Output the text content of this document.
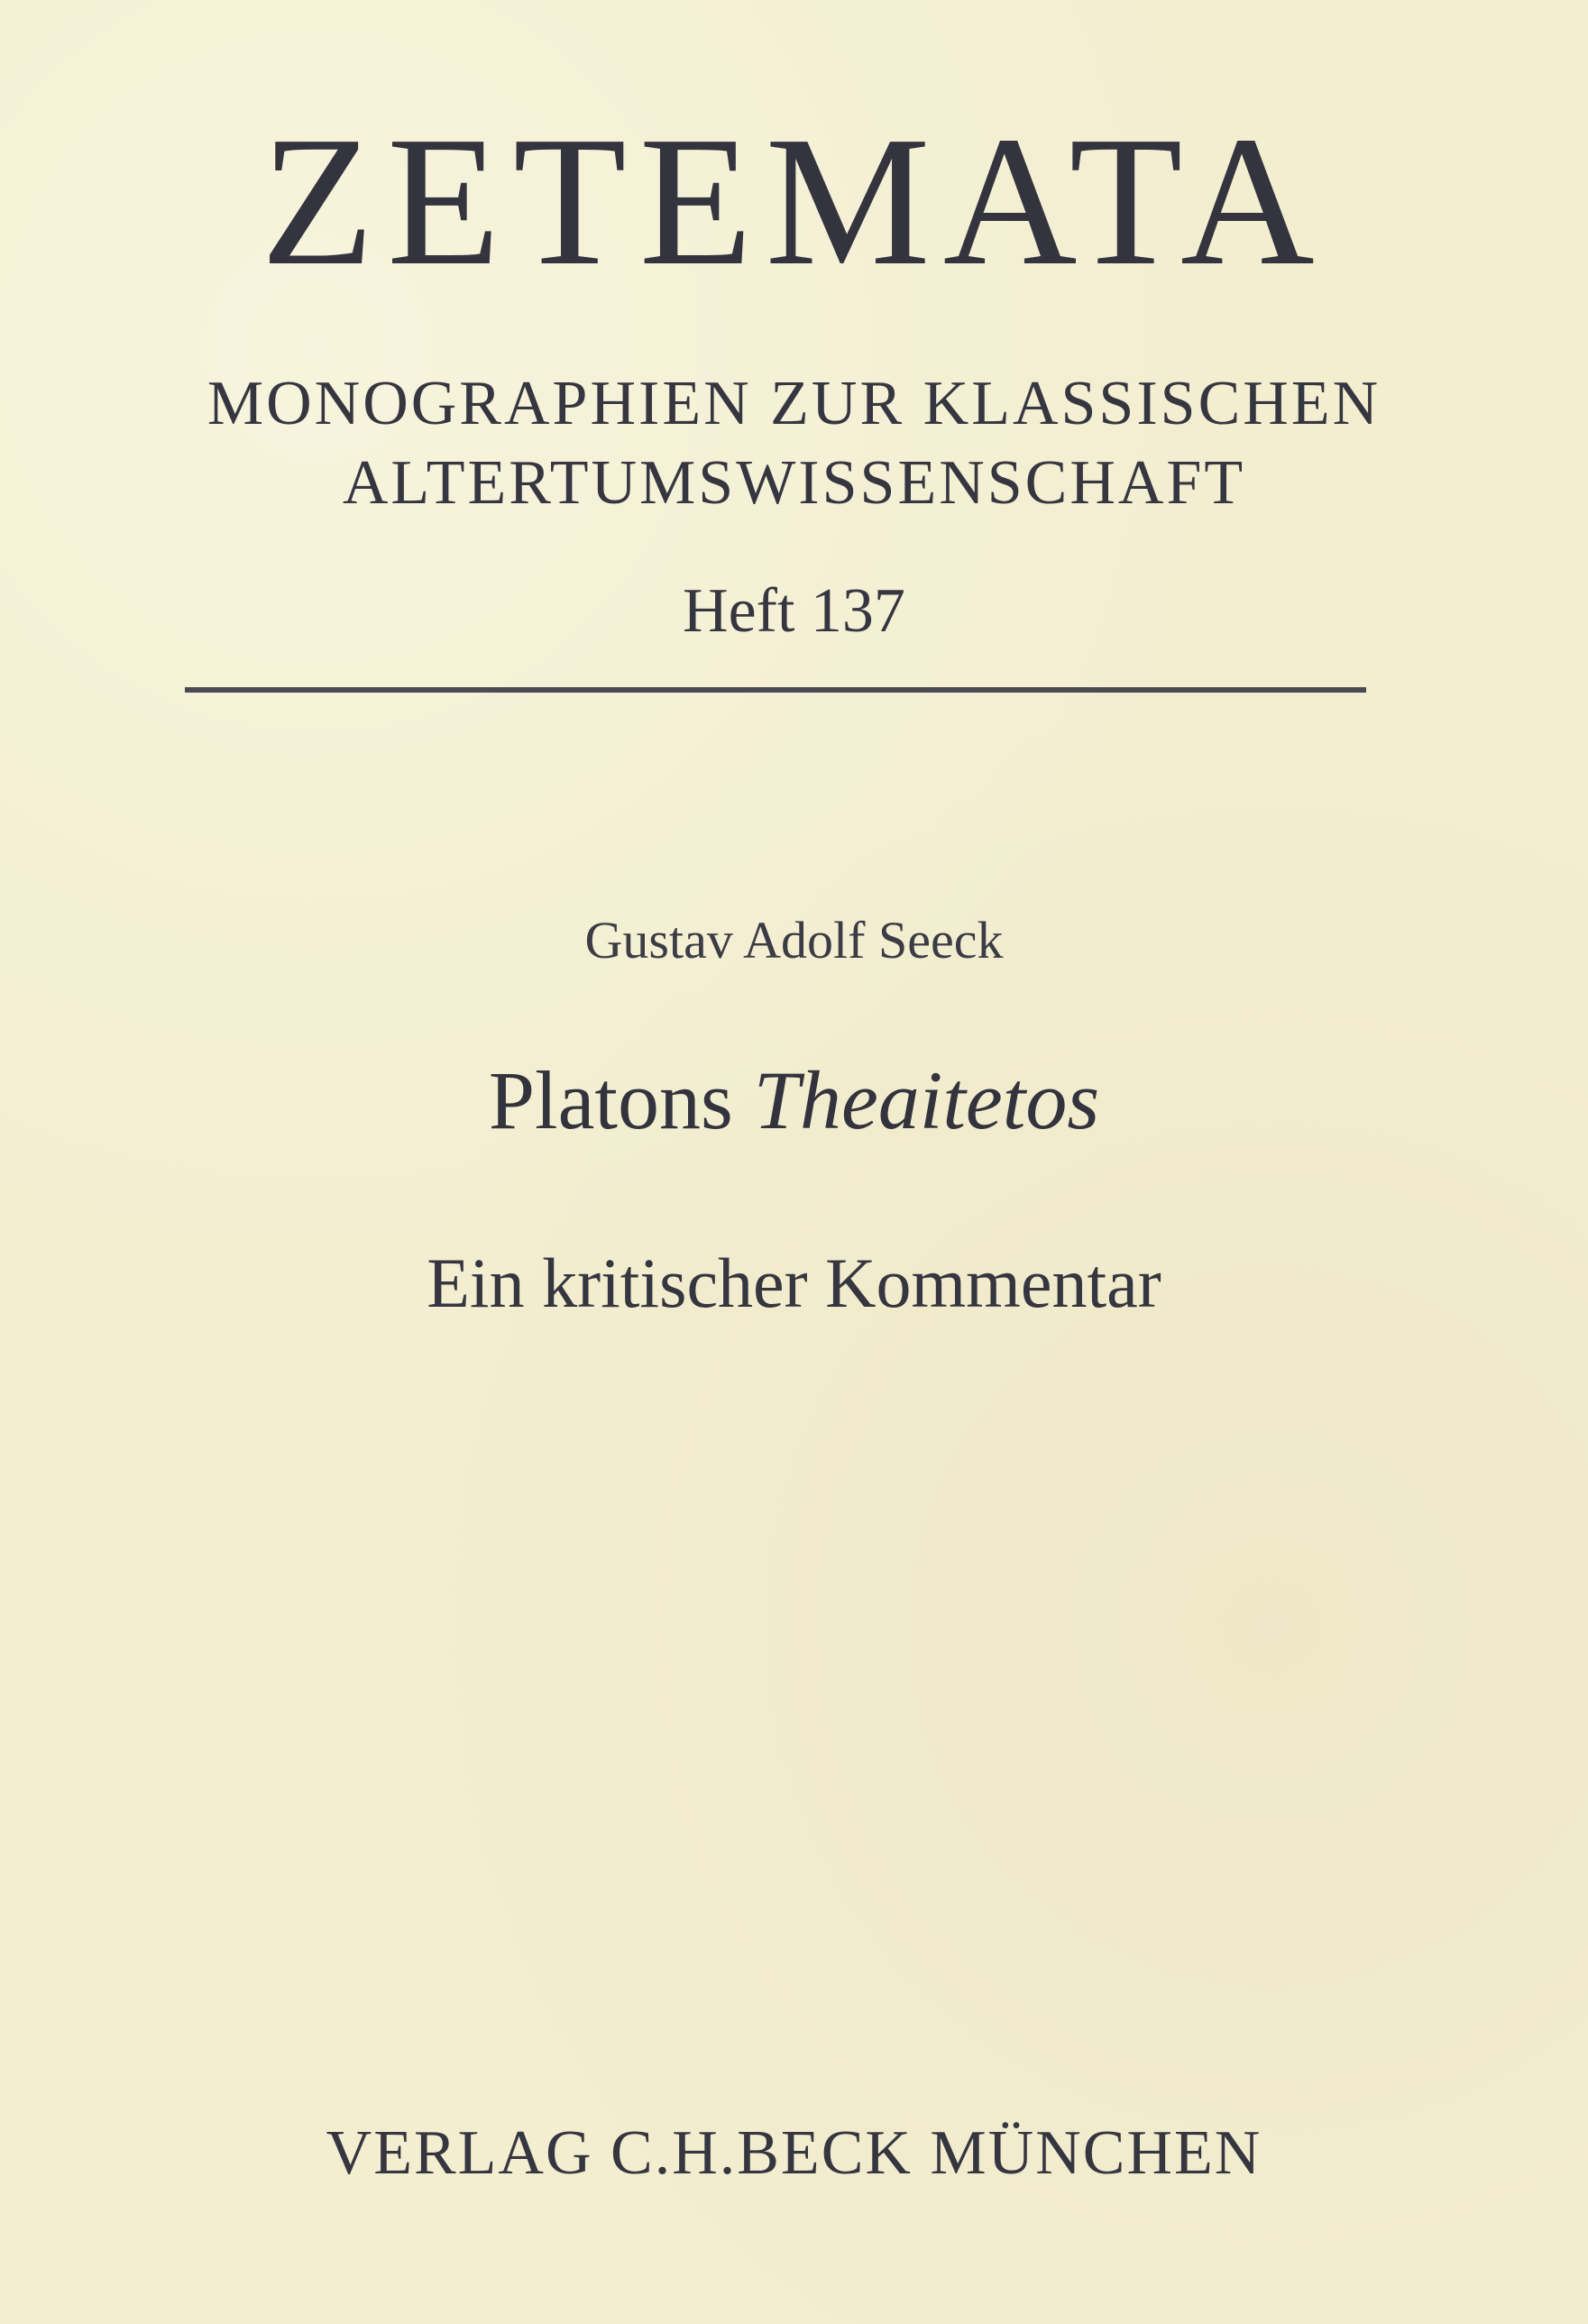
ZETEMATA
MONOGRAPHIEN ZUR KLASSISCHEN
ALTERTUMSWISSENSCHAFT
Heft 137
Gustav Adolf Seeck
Platons Theaitetos
Ein kritischer Kommentar
VERLAG C.H.BECK MÜNCHEN
